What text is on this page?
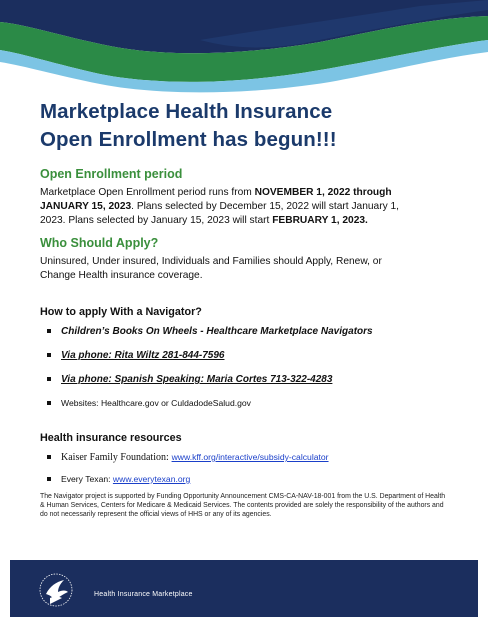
Marketplace Health Insurance
Open Enrollment has begun!!!
Open Enrollment period
Marketplace Open Enrollment period runs from NOVEMBER 1, 2022 through
JANUARY 15, 2023. Plans selected by December 15, 2022 will start January 1,
2023. Plans selected by January 15, 2023 will start FEBRUARY 1, 2023.
Who Should Apply?
Uninsured, Under insured, Individuals and Families should Apply, Renew, or
Change Health insurance coverage.
How to apply With a Navigator?
Children’s Books On Wheels - Healthcare Marketplace Navigators
Via phone: Rita Wiltz 281-844-7596
Via phone: Spanish Speaking: Maria Cortes 713-322-4283
Websites: Healthcare.gov or CuldadodeSalud.gov
Health insurance resources
Kaiser Family Foundation: www.kff.org/interactive/subsidy-calculator
Every Texan: www.everytexan.org
The Navigator project is supported by Funding Opportunity Announcement CMS-CA-NAV-18-001 from the U.S. Department of Health & Human Services, Centers for Medicare & Medicaid Services. The contents provided are solely the responsibility of the authors and do not necessarily represent the official views of HHS or any of its agencies.
Health Insurance Marketplace
